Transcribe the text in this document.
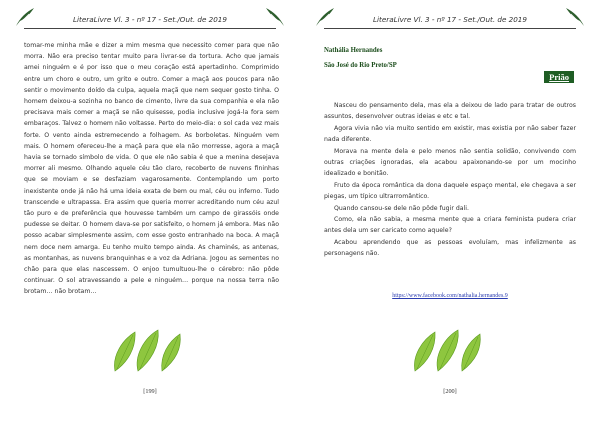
LiteraLivre Vl. 3 - nº 17 - Set./Out. de 2019

tomar-me minha mãe e dizer a mim mesma que necessito comer para que não morra. Não era preciso tentar muito para livrar-se da tortura. Acho que jamais amei ninguém e é por isso que o meu coração está apertadinho. Comprimido entre um choro e outro, um grito e outro. Comer a maçã aos poucos para não sentir o movimento doído da culpa, aquela maçã que nem sequer gosto tinha. O homem deixou-a sozinha no banco de cimento, livre da sua companhia e ela não precisava mais comer a maçã se não quisesse, podia inclusive jogá-la fora sem embaraços. Talvez o homem não voltasse. Perto do meio-dia: o sol cada vez mais forte. O vento ainda estremecendo a folhagem. As borboletas. Ninguém vem mais. O homem ofereceu-lhe a maçã para que ela não morresse, agora a maçã havia se tornado símbolo de vida. O que ele não sabia é que a menina desejava morrer ali mesmo. Olhando aquele céu tão claro, recoberto de nuvens fininhas que se moviam e se desfaziam vagarosamente. Contemplando um porto inexistente onde já não há uma ideia exata de bem ou mal, céu ou inferno. Tudo transcende e ultrapassa. Era assim que queria morrer acreditando num céu azul tão puro e de preferência que houvesse também um campo de girassóis onde pudesse se deitar. O homem dava-se por satisfeito, o homem já embora. Mas não posso acabar simplesmente assim, com esse gosto entranhado na boca. A maçã nem doce nem amarga. Eu tenho muito tempo ainda. As chaminés, as antenas, as montanhas, as nuvens branquinhas e a voz da Adriana. Jogou as sementes no chão para que elas nascessem. O enjoo tumultuou-lhe o cérebro: não pôde continuar. O sol atravessando a pele e ninguém… porque na nossa terra não brotam… não brotam…

[199]
LiteraLivre Vl. 3 - nº 17 - Set./Out. de 2019
Nathália Hernandes
São José do Rio Preto/SP
Prião

Nasceu do pensamento dela, mas ela a deixou de lado para tratar de outros assuntos, desenvolver outras ideias e etc e tal.

Agora vivia não via muito sentido em existir, mas existia por não saber fazer nada diferente.

Morava na mente dela e pelo menos não sentia solidão, convivendo com outras criações ignoradas, ela acabou apaixonando-se por um mocinho idealizado e bonitão.

Fruto da época romântica da dona daquele espaço mental, ele chegava a ser piegas, um típico ultrarromântico.

Quando cansou-se dele não pôde fugir dali.

Como, ela não sabia, a mesma mente que a criara feminista pudera criar antes dela um ser caricato como aquele?

Acabou aprendendo que as pessoas evoluíam, mas infelizmente as personagens não.

https://www.facebook.com/nathalia.hernandes.9
[200]
